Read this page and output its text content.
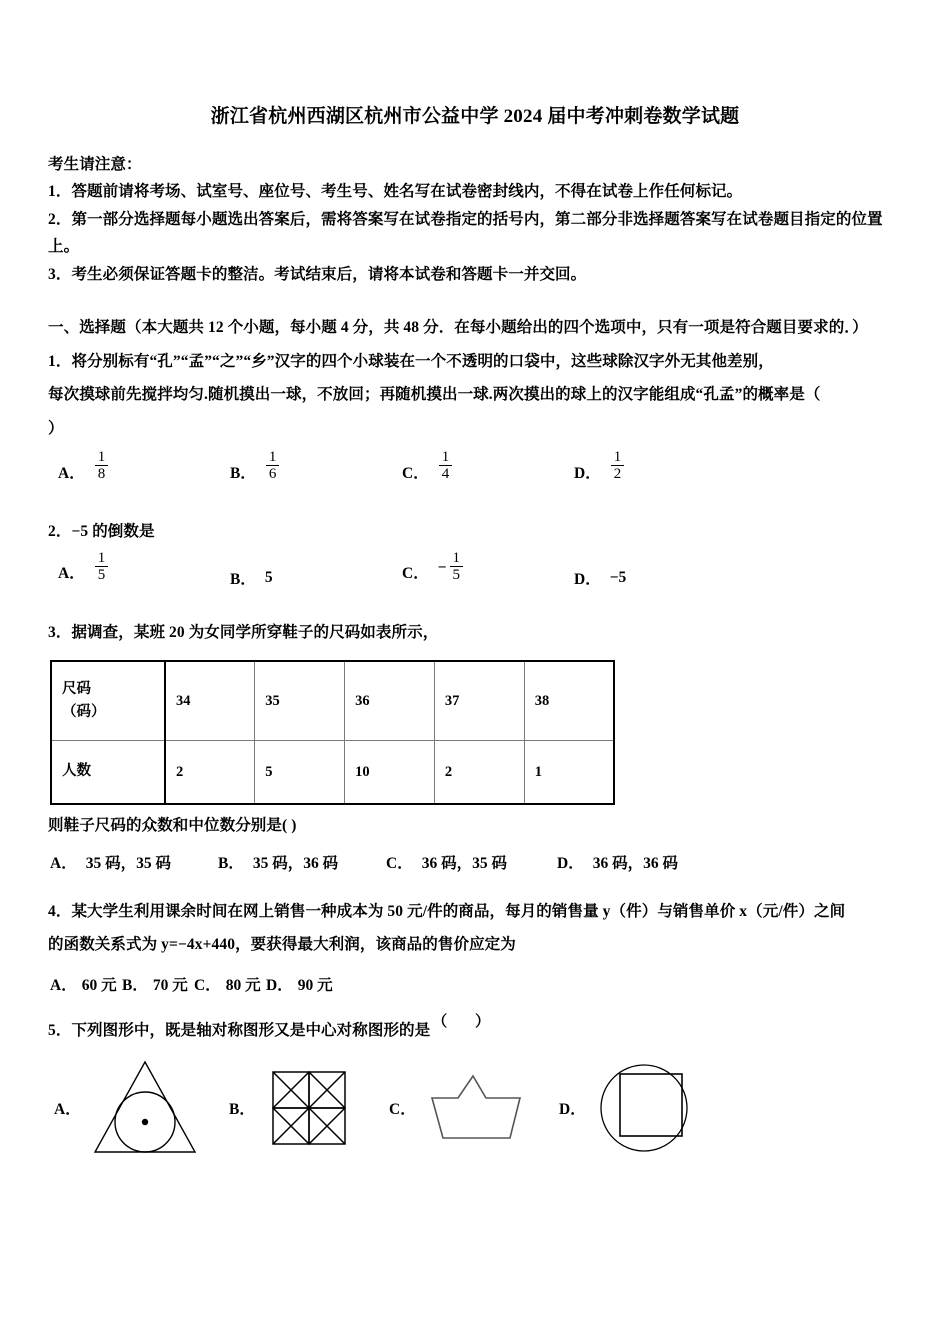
浙江省杭州西湖区杭州市公益中学 2024 届中考冲刺卷数学试题

考生请注意：

1．答题前请将考场、试室号、座位号、考生号、姓名写在试卷密封线内，不得在试卷上作任何标记。

2．第一部分选择题每小题选出答案后，需将答案写在试卷指定的括号内，第二部分非选择题答案写在试卷题目指定的位置上。

3．考生必须保证答题卡的整洁。考试结束后，请将本试卷和答题卡一并交回。

一、选择题（本大题共 12 个小题，每小题 4 分，共 48 分．在每小题给出的四个选项中，只有一项是符合题目要求的．）

1．将分别标有“孔”“孟”“之”“乡”汉字的四个小球装在一个不透明的口袋中，这些球除汉字外无其他差别，

每次摸球前先搅拌均匀.随机摸出一球，不放回；再随机摸出一球.两次摸出的球上的汉字能组成“孔孟”的概率是（

）

A． $\frac{1}{8}$	B． $\frac{1}{6}$	C． $\frac{1}{4}$	D． $\frac{1}{2}$

2．−5 的倒数是

A． $\frac{1}{5}$	B． 5	C． − $\frac{1}{5}$	D． −5

3．据调查，某班 20 为女同学所穿鞋子的尺码如表所示，

尺码
（码）	34	35	36	37	38
人数	2	5	10	2	1

则鞋子尺码的众数和中位数分别是( )

A． 35 码，35 码	B． 35 码，36 码	C． 36 码，35 码	D． 36 码，36 码

4．某大学生利用课余时间在网上销售一种成本为 50 元/件的商品，每月的销售量 y（件）与销售单价 x（元/件）之间

的函数关系式为 y=−4x+440，要获得最大利润，该商品的售价应定为

A． 60 元 B． 70 元 C． 80 元 D． 90 元
5．下列图形中，既是轴对称图形又是中心对称图形的是 （ ）
A．	B．	C．	D．
